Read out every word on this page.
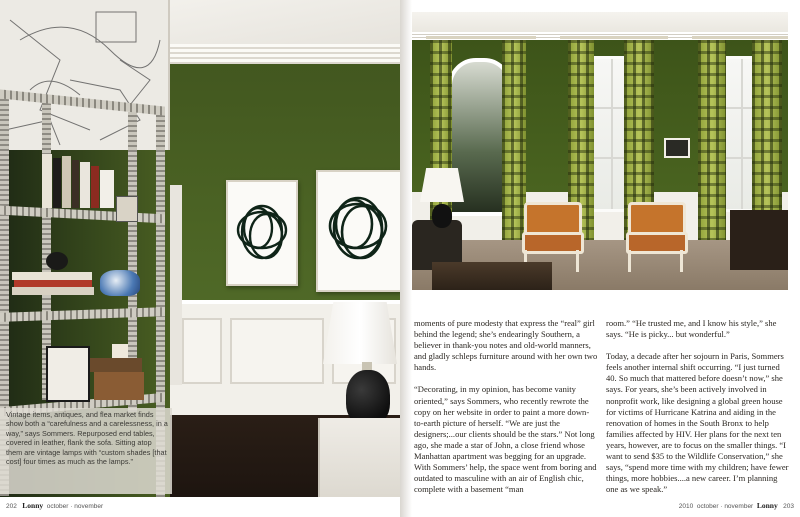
Vintage items, antiques, and flea market finds show both a “carefulness and a carelessness, in a way,” says Sommers. Repurposed end tables, covered in leather, flank the sofa. Sitting atop them are vintage lamps with “custom shades [that cost] four times as much as the lamps.”
202 Lonny october · november

moments of pure modesty that express the “real” girl behind the legend; she’s endearingly Southern, a believer in thank-you notes and old-world manners, and gladly schleps furniture around with her own two hands.

“Decorating, in my opinion, has become vanity oriented,” says Sommers, who recently rewrote the copy on her website in order to paint a more down-to-earth picture of herself. “We are just the designers;...our clients should be the stars.” Not long ago, she made a star of John, a close friend whose Manhattan apartment was begging for an upgrade. With Sommers’ help, the space went from boring and outdated to masculine with an air of English chic, complete with a basement “man

room.” “He trusted me, and I know his style,” she says. “He is picky... but wonderful.”

Today, a decade after her sojourn in Paris, Sommers feels another internal shift occurring. “I just turned 40. So much that mattered before doesn’t now,” she says. For years, she’s been actively involved in nonprofit work, like designing a global green house for victims of Hurricane Katrina and aiding in the renovation of homes in the South Bronx to help families affected by HIV. Her plans for the next ten years, however, are to focus on the smaller things. “I want to send $35 to the Wildlife Conservation,” she says, “spend more time with my children; have fewer things, more hobbies....a new career. I’m planning one as we speak.”

2010 october · november Lonny 203
